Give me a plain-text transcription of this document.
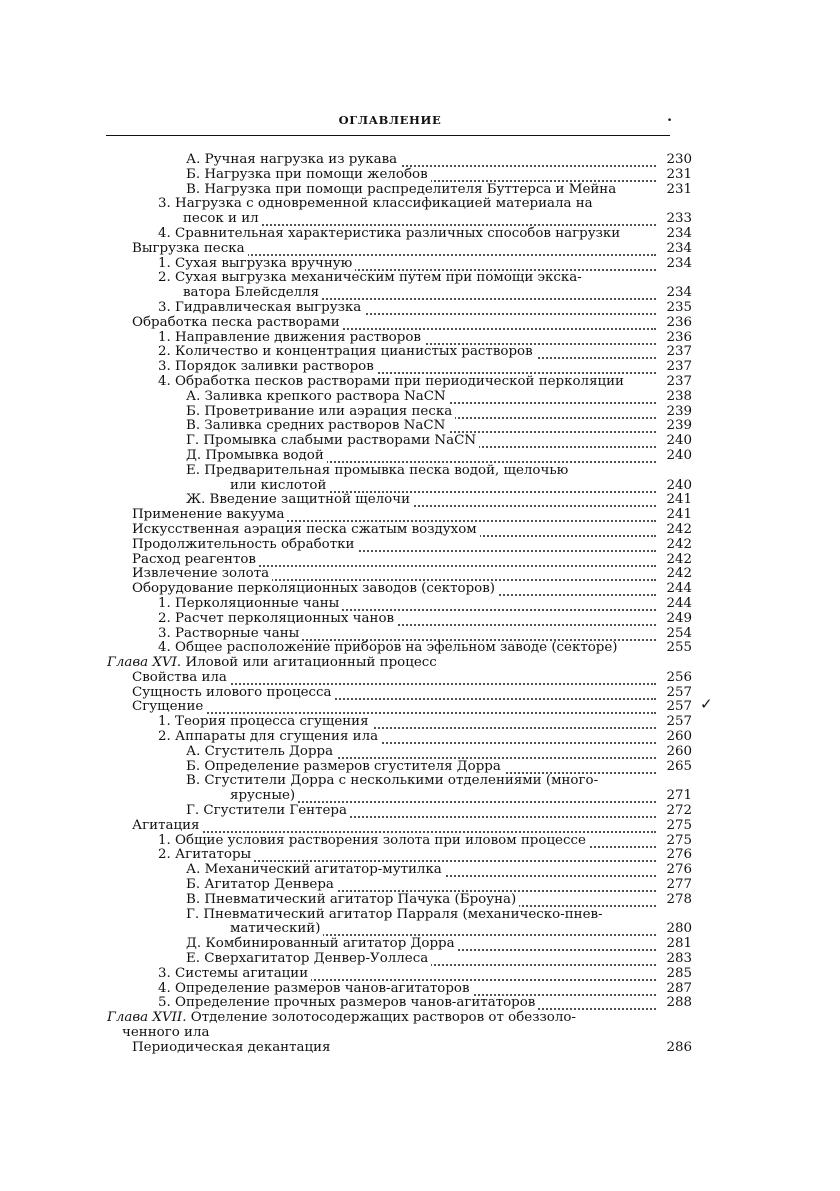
ОГЛАВЛЕНИЕ	.
А. Ручная нагрузка из рукава	230
Б. Нагрузка при помощи желобов	231
В. Нагрузка при помощи распределителя Буттерса и Мейна	231
3. Нагрузка с одновременной классификацией материала на
песок и ил	233
4. Сравнительная характеристика различных способов нагрузки	234
Выгрузка песка	234
1. Сухая выгрузка вручную	234
2. Сухая выгрузка механическим путем при помощи экска-
ватора Блейсделля	234
3. Гидравлическая выгрузка	235
Обработка песка растворами	236
1. Направление движения растворов	236
2. Количество и концентрация цианистых растворов	237
3. Порядок заливки растворов	237
4. Обработка песков растворами при периодической перколяции	237
А. Заливка крепкого раствора NaCN	238
Б. Проветривание или аэрация песка	239
В. Заливка средних растворов NaCN	239
Г. Промывка слабыми растворами NaCN	240
Д. Промывка водой	240
Е. Предварительная промывка песка водой, щелочью
или кислотой	240
Ж. Введение защитной щелочи	241
Применение вакуума	241
Искусственная аэрация песка сжатым воздухом	242
Продолжительность обработки	242
Расход реагентов	242
Извлечение золота	242
Оборудование перколяционных заводов (секторов)	244
1. Перколяционные чаны	244
2. Расчет перколяционных чанов	249
3. Растворные чаны	254
4. Общее расположение приборов на эфельном заводе (секторе)	255
Глава XVI. Иловой или агитационный процесс
Свойства ила	256
Сущность илового процесса	257
Сгущение	257 ✓
1. Теория процесса сгущения	257
2. Аппараты для сгущения ила	260
А. Сгуститель Дорра	260
Б. Определение размеров сгустителя Дорра	265
В. Сгустители Дорра с несколькими отделениями (много-
ярусные)	271
Г. Сгустители Гентера	272
Агитация	275
1. Общие условия растворения золота при иловом процессе	275
2. Агитаторы	276
А. Механический агитатор-мутилка	276
Б. Агитатор Денвера	277
В. Пневматический агитатор Пачука (Броуна)	278
Г. Пневматический агитатор Парраля (механическо-пнев-
матический)	280
Д. Комбинированный агитатор Дорра	281
Е. Сверхагитатор Денвер-Уоллеса	283
3. Системы агитации	285
4. Определение размеров чанов-агитаторов	287
5. Определение прочных размеров чанов-агитаторов	288
Глава XVII. Отделение золотосодержащих растворов от обеззоло-
ченного ила
Периодическая декантация	286
